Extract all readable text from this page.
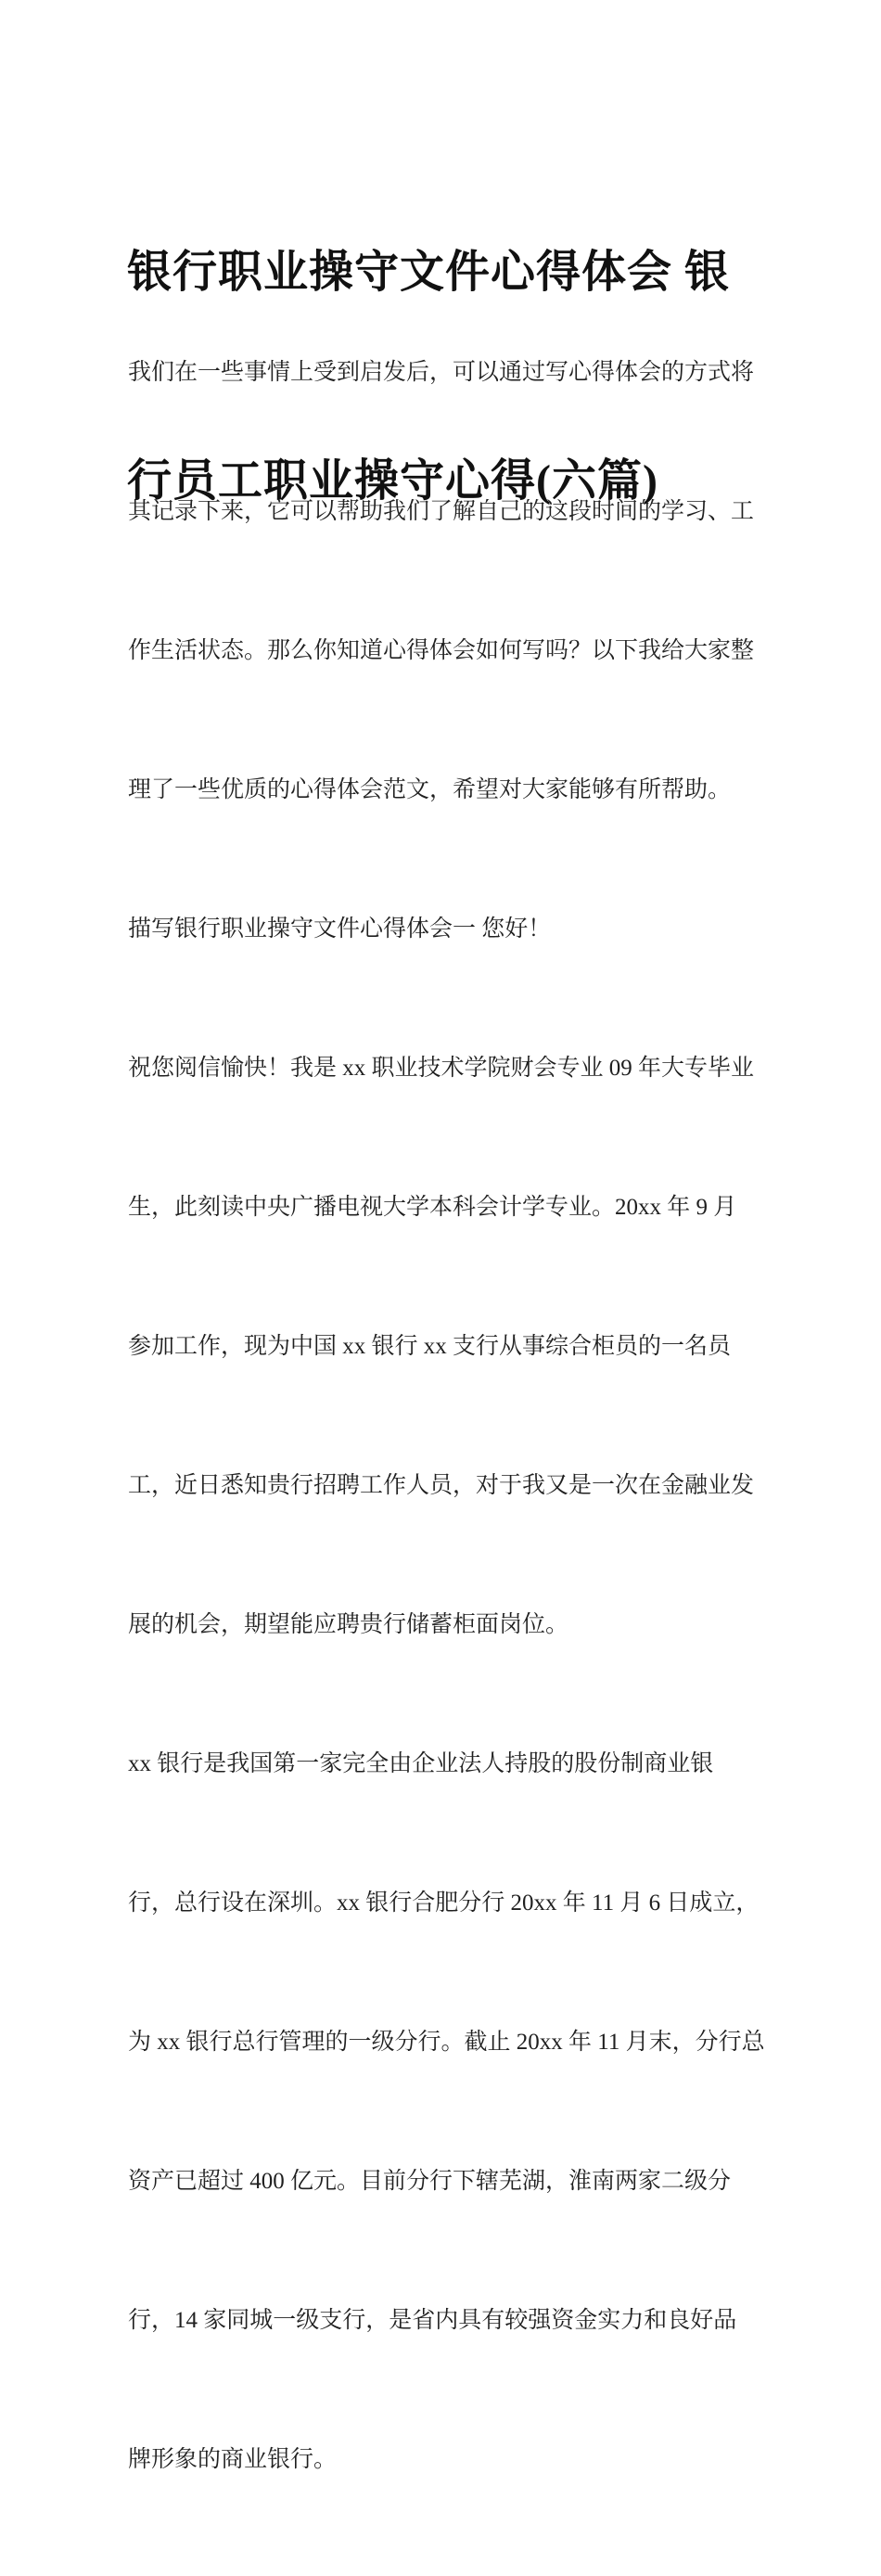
银行职业操守文件心得体会 银

行员工职业操守心得(六篇)

我们在一些事情上受到启发后，可以通过写心得体会的方式将

其记录下来，它可以帮助我们了解自己的这段时间的学习、工

作生活状态。那么你知道心得体会如何写吗？以下我给大家整

理了一些优质的心得体会范文，希望对大家能够有所帮助。

描写银行职业操守文件心得体会一 您好！

祝您阅信愉快！我是 xx 职业技术学院财会专业 09 年大专毕业

生，此刻读中央广播电视大学本科会计学专业。20xx 年 9 月

参加工作，现为中国 xx 银行 xx 支行从事综合柜员的一名员

工，近日悉知贵行招聘工作人员，对于我又是一次在金融业发

展的机会，期望能应聘贵行储蓄柜面岗位。

xx 银行是我国第一家完全由企业法人持股的股份制商业银

行，总行设在深圳。xx 银行合肥分行 20xx 年 11 月 6 日成立，

为 xx 银行总行管理的一级分行。截止 20xx 年 11 月末，分行总

资产已超过 400 亿元。目前分行下辖芜湖，淮南两家二级分

行，14 家同城一级支行，是省内具有较强资金实力和良好品

牌形象的商业银行。
